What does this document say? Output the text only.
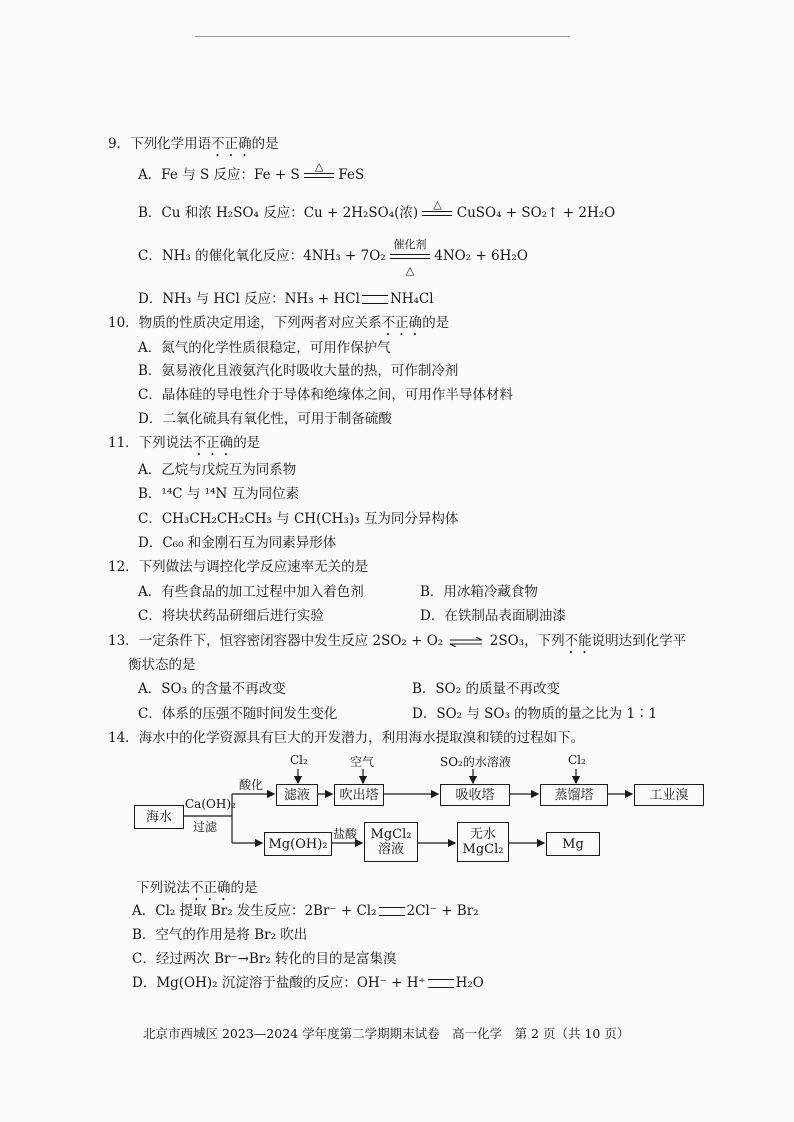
9．下列化学用语不正确的是
A．Fe 与 S 反应：Fe + S
△
FeS
B．Cu 和浓 H₂SO₄ 反应：Cu + 2H₂SO₄(浓)
△
CuSO₄ + SO₂↑ + 2H₂O
C．NH₃ 的催化氧化反应：4NH₃ + 7O₂
催化剂
△
4NO₂ + 6H₂O
D．NH₃ 与 HCl 反应：NH₃ + HCl NH₄Cl
10．物质的性质决定用途，下列两者对应关系不正确的是
A．氮气的化学性质很稳定，可用作保护气
B．氨易液化且液氨汽化时吸收大量的热，可作制冷剂
C．晶体硅的导电性介于导体和绝缘体之间，可用作半导体材料
D．二氧化硫具有氧化性，可用于制备硫酸
11．下列说法不正确的是
A．乙烷与戊烷互为同系物
B．¹⁴C 与 ¹⁴N 互为同位素
C．CH₃CH₂CH₂CH₃ 与 CH(CH₃)₃ 互为同分异构体
D．C₆₀ 和金刚石互为同素异形体
12．下列做法与调控化学反应速率无关的是
A．有些食品的加工过程中加入着色剂	B．用冰箱冷藏食物
C．将块状药品研细后进行实验	D．在铁制品表面刷油漆
13．一定条件下，恒容密闭容器中发生反应 2SO₂ + O₂ ⇌ 2SO₃，下列不能说明达到化学平
衡状态的是
A．SO₃ 的含量不再改变	B．SO₂ 的质量不再改变
C．体系的压强不随时间发生变化	D．SO₂ 与 SO₃ 的物质的量之比为 1∶1
14．海水中的化学资源具有巨大的开发潜力，利用海水提取溴和镁的过程如下。
海水
Ca(OH)₂
过滤
酸化
滤液	吹出塔	吸收塔	蒸馏塔	工业溴
Cl₂	空气	SO₂的水溶液	Cl₂
Mg(OH)₂
盐酸 MgCl₂
溶液
无水
MgCl₂	Mg
下列说法不正确的是
A．Cl₂ 提取 Br₂ 发生反应：2Br⁻ + Cl₂ 2Cl⁻ + Br₂
B．空气的作用是将 Br₂ 吹出
C．经过两次 Br⁻→Br₂ 转化的目的是富集溴
D．Mg(OH)₂ 沉淀溶于盐酸的反应：OH⁻ + H⁺ H₂O
北京市西城区 2023—2024 学年度第二学期期末试卷　高一化学　第 2 页（共 10 页）
